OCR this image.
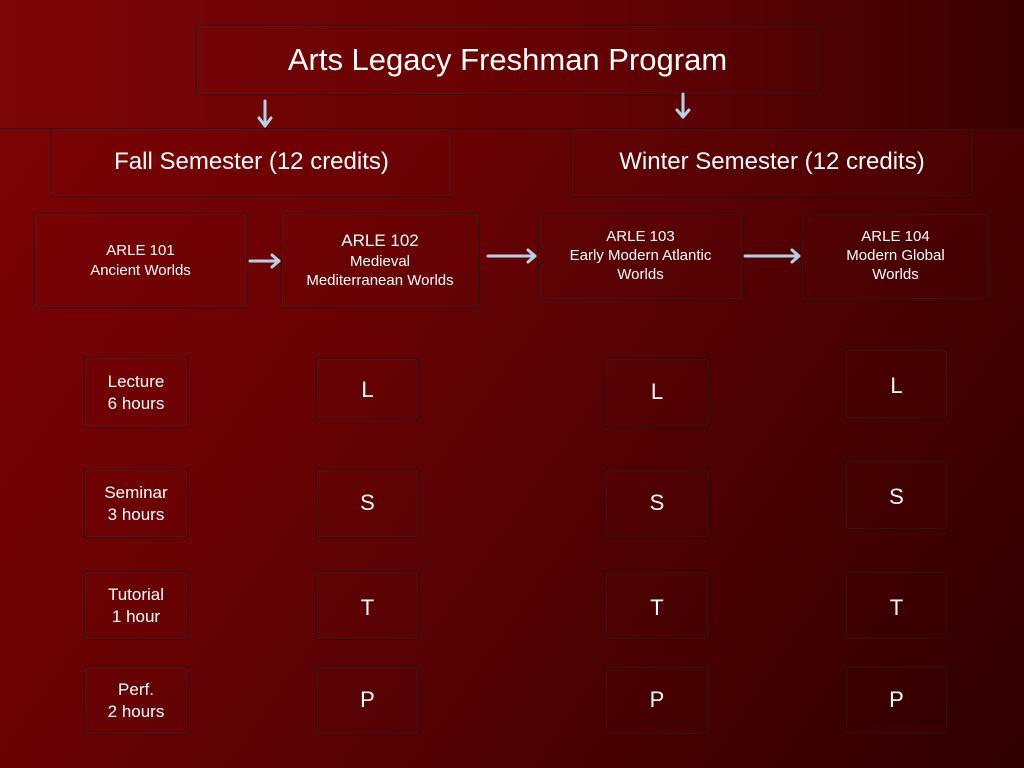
Arts Legacy Freshman Program
Fall Semester (12 credits)	Winter Semester (12 credits)
ARLE 101
Ancient Worlds
ARLE 102
Medieval
Mediterranean Worlds
ARLE 103
Early Modern Atlantic
Worlds
ARLE 104
Modern Global
Worlds
Lecture
6 hours
Seminar
3 hours
Tutorial
1 hour
Perf.
2 hours
L
S
T
P
L
S
T
P
L
S
T
P
